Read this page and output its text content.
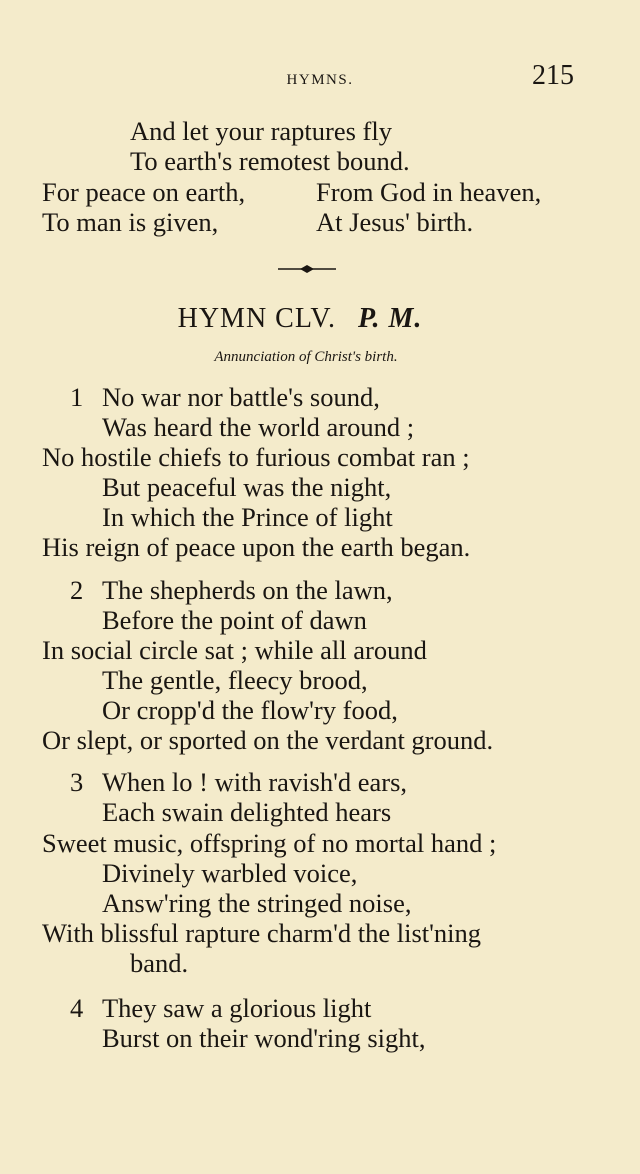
HYMNS.	215
And let your raptures fly
To earth's remotest bound.
For peace on earth,	From God in heaven,
To man is given,	At Jesus' birth.
HYMN CLV. P. M.
Annunciation of Christ's birth.
1 No war nor battle's sound,
Was heard the world around ;
No hostile chiefs to furious combat ran ;
But peaceful was the night,
In which the Prince of light
His reign of peace upon the earth began.
2 The shepherds on the lawn,
Before the point of dawn
In social circle sat ; while all around
The gentle, fleecy brood,
Or cropp'd the flow'ry food,
Or slept, or sported on the verdant ground.
3 When lo ! with ravish'd ears,
Each swain delighted hears
Sweet music, offspring of no mortal hand ;
Divinely warbled voice,
Answ'ring the stringed noise,
With blissful rapture charm'd the list'ning
band.
4 They saw a glorious light
Burst on their wond'ring sight,
